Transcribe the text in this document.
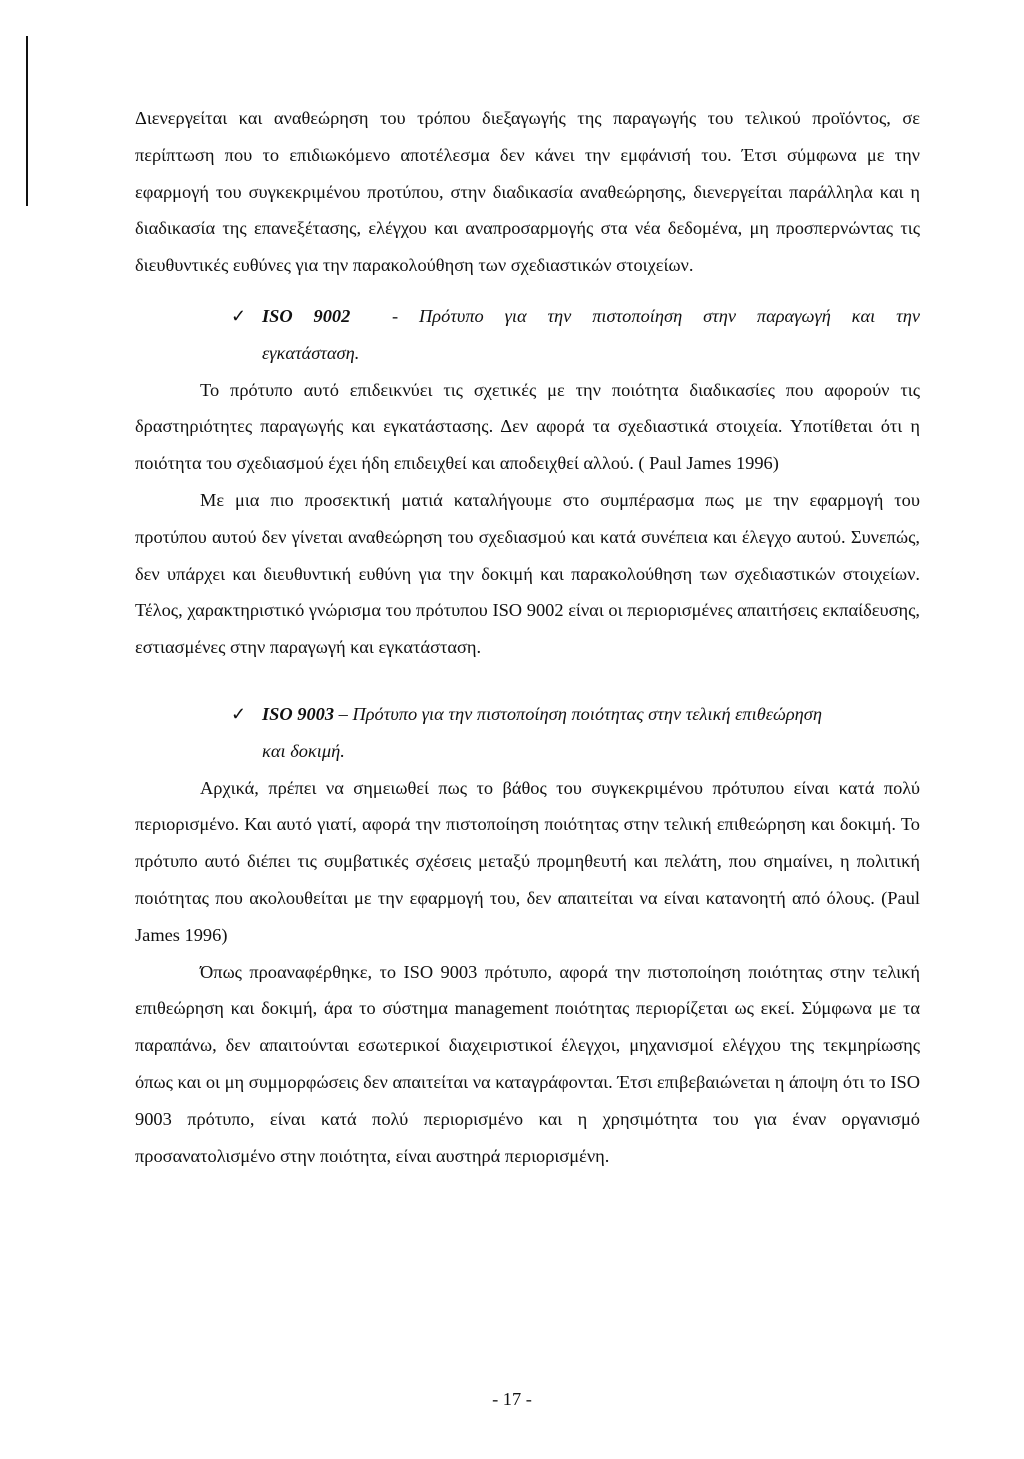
Διενεργείται και αναθεώρηση του τρόπου διεξαγωγής της παραγωγής του τελικού προϊόντος, σε περίπτωση που το επιδιωκόμενο αποτέλεσμα δεν κάνει την εμφάνισή του. Έτσι σύμφωνα με την εφαρμογή του συγκεκριμένου προτύπου, στην διαδικασία αναθεώρησης, διενεργείται παράλληλα και η διαδικασία της επανεξέτασης, ελέγχου και αναπροσαρμογής στα νέα δεδομένα, μη προσπερνώντας τις διευθυντικές ευθύνες για την παρακολούθηση των σχεδιαστικών στοιχείων.

✓ ISO 9002 - Πρότυπο για την πιστοποίηση στην παραγωγή και την

εγκατάσταση.

Το πρότυπο αυτό επιδεικνύει τις σχετικές με την ποιότητα διαδικασίες που αφορούν τις δραστηριότητες παραγωγής και εγκατάστασης. Δεν αφορά τα σχεδιαστικά στοιχεία. Υποτίθεται ότι η ποιότητα του σχεδιασμού έχει ήδη επιδειχθεί και αποδειχθεί αλλού. ( Paul James 1996)

Με μια πιο προσεκτική ματιά καταλήγουμε στο συμπέρασμα πως με την εφαρμογή του προτύπου αυτού δεν γίνεται αναθεώρηση του σχεδιασμού και κατά συνέπεια και έλεγχο αυτού. Συνεπώς, δεν υπάρχει και διευθυντική ευθύνη για την δοκιμή και παρακολούθηση των σχεδιαστικών στοιχείων. Τέλος, χαρακτηριστικό γνώρισμα του πρότυπου ISO 9002 είναι οι περιορισμένες απαιτήσεις εκπαίδευσης, εστιασμένες στην παραγωγή και εγκατάσταση.

✓ ISO 9003 – Πρότυπο για την πιστοποίηση ποιότητας στην τελική επιθεώρηση

και δοκιμή.

Αρχικά, πρέπει να σημειωθεί πως το βάθος του συγκεκριμένου πρότυπου είναι κατά πολύ περιορισμένο. Και αυτό γιατί, αφορά την πιστοποίηση ποιότητας στην τελική επιθεώρηση και δοκιμή. Το πρότυπο αυτό διέπει τις συμβατικές σχέσεις μεταξύ προμηθευτή και πελάτη, που σημαίνει, η πολιτική ποιότητας που ακολουθείται με την εφαρμογή του, δεν απαιτείται να είναι κατανοητή από όλους. (Paul James 1996)

Όπως προαναφέρθηκε, το ISO 9003 πρότυπο, αφορά την πιστοποίηση ποιότητας στην τελική επιθεώρηση και δοκιμή, άρα το σύστημα management ποιότητας περιορίζεται ως εκεί. Σύμφωνα με τα παραπάνω, δεν απαιτούνται εσωτερικοί διαχειριστικοί έλεγχοι, μηχανισμοί ελέγχου της τεκμηρίωσης όπως και οι μη συμμορφώσεις δεν απαιτείται να καταγράφονται. Έτσι επιβεβαιώνεται η άποψη ότι το ISO 9003 πρότυπο, είναι κατά πολύ περιορισμένο και η χρησιμότητα του για έναν οργανισμό προσανατολισμένο στην ποιότητα, είναι αυστηρά περιορισμένη.

- 17 -
